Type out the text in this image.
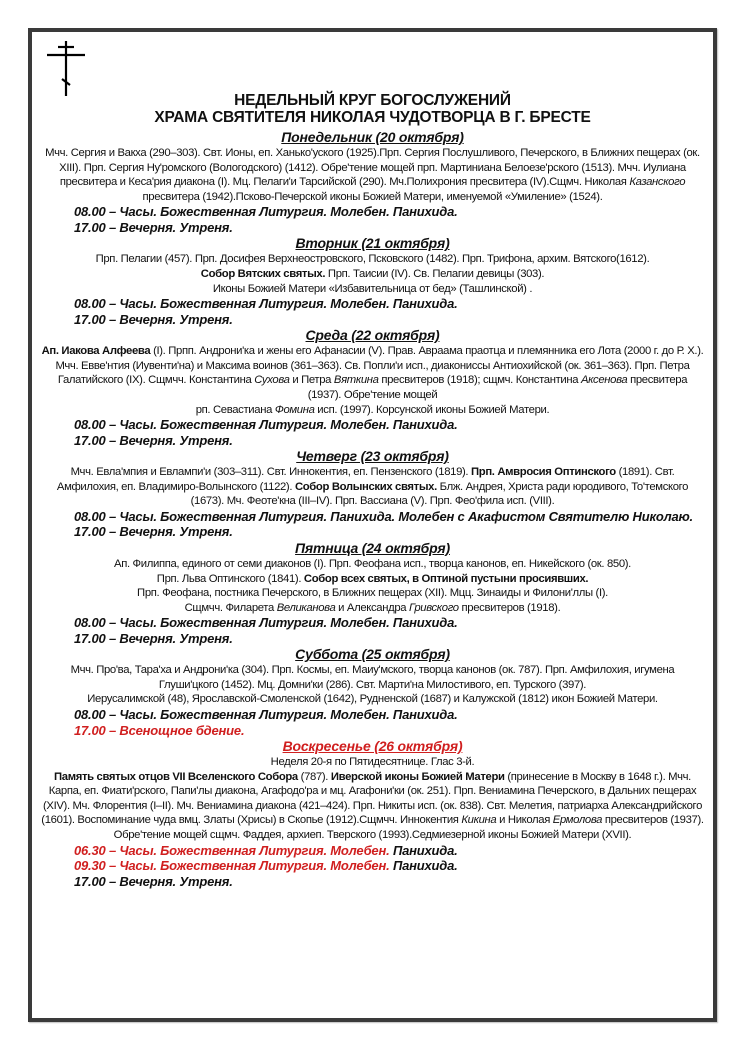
НЕДЕЛЬНЫЙ КРУГ БОГОСЛУЖЕНИЙ
ХРАМА СВЯТИТЕЛЯ НИКОЛАЯ ЧУДОТВОРЦА В Г. БРЕСТЕ
Понедельник (20 октября)
Мчч. Сергия и Вакха (290–303). Свт. Ионы, еп. Ханько'уского (1925).Прп. Сергия Послушливого, Печерского, в Ближних пещерах (ок. XIII). Прп. Сергия Ну'ромского (Вологодского) (1412). Обре'тение мощей прп. Мартиниана Белоезе'рского (1513). Мчч. Иулиана пресвитера и Кеса'рия диакона (I). Мц. Пелаги'и Тарсийской (290). Мч.Полихрония пресвитера (IV).Сщмч. Николая Казанского пресвитера (1942).Псково-Печерской иконы Божией Матери, именуемой «Умиление» (1524).
08.00 – Часы. Божественная Литургия. Молебен. Панихида.
17.00 – Вечерня. Утреня.
Вторник (21 октября)
Прп. Пелагии (457). Прп. Досифея Верхнеостровского, Псковского (1482). Прп. Трифона, архим. Вятского(1612).
Собор Вятских святых. Прп. Таисии (IV). Св. Пелагии девицы (303).
Иконы Божией Матери «Избавительница от бед» (Ташлинской) .
08.00 – Часы. Божественная Литургия. Молебен. Панихида.
17.00 – Вечерня. Утреня.
Среда (22 октября)
Ап. Иакова Алфеева (I). Прпп. Андрони'ка и жены его Афанасии (V). Прав. Авраама праотца и племянника его Лота (2000 г. до Р. Х.). Мчч. Евве'нтия (Иувенти'на) и Максима воинов (361–363). Св. Попли'и исп., диакониссы Антиохийской (ок. 361–363). Прп. Петра Галатийского (IX). Сщмчч. Константина Сухова и Петра Вяткина пресвитеров (1918); сщмч. Константина Аксенова пресвитера (1937). Обре'тение мощей
рп. Севастиана Фомина исп. (1997). Корсунской иконы Божией Матери.
08.00 – Часы. Божественная Литургия. Молебен. Панихида.
17.00 – Вечерня. Утреня.
Четверг (23 октября)
Мчч. Евла'мпия и Евлампи'и (303–311). Свт. Иннокентия, еп. Пензенского (1819). Прп. Амвросия Оптинского (1891). Свт. Амфилохия, еп. Владимиро-Волынского (1122). Собор Волынских святых. Блж. Андрея, Христа ради юродивого, То'темского (1673). Мч. Феоте'кна (III–IV). Прп. Вассиана (V). Прп. Фео'фила исп. (VIII).
08.00 – Часы. Божественная Литургия. Панихида. Молебен с Акафистом Святителю Николаю.
17.00 – Вечерня. Утреня.
Пятница (24 октября)
Ап. Филиппа, единого от семи диаконов (I). Прп. Феофана исп., творца канонов, еп. Никейского (ок. 850).
Прп. Льва Оптинского (1841). Собор всех святых, в Оптиной пустыни просиявших.
Прп. Феофана, постника Печерского, в Ближних пещерах (XII). Мцц. Зинаиды и Филони'ллы (I).
Сщмчч. Филарета Великанова и Александра Гривского пресвитеров (1918).
08.00 – Часы. Божественная Литургия. Молебен. Панихида.
17.00 – Вечерня. Утреня.
Суббота (25 октября)
Мчч. Про'ва, Тара'ха и Андрони'ка (304). Прп. Космы, еп. Маиу'мского, творца канонов (ок. 787). Прп. Амфилохия, игумена Глуши'цкого (1452). Мц. Домни'ки (286). Свт. Марти'на Милостивого, еп. Турского (397).
Иерусалимской (48), Ярославской-Смоленской (1642), Рудненской (1687) и Калужской (1812) икон Божией Матери.
08.00 – Часы. Божественная Литургия. Молебен. Панихида.
17.00 – Всенощное бдение.
Воскресенье (26 октября)
Неделя 20-я по Пятидесятнице. Глас 3-й.
Память святых отцов VII Вселенского Собора (787). Иверской иконы Божией Матери (принесение в Москву в 1648 г.). Мчч. Карпа, еп. Фиати'рского, Папи'лы диакона, Агафодо'ра и мц. Агафони'ки (ок. 251). Прп. Вениамина Печерского, в Дальних пещерах (XIV). Мч. Флорентия (I–II). Мч. Вениамина диакона (421–424). Прп. Никиты исп. (ок. 838). Свт. Мелетия, патриарха Александрийского (1601). Воспоминание чуда вмц. Златы (Хрисы) в Скопье (1912).Сщмчч. Иннокентия Кикина и Николая Ермолова пресвитеров (1937). Обре'тение мощей сщмч. Фаддея, архиеп. Тверского (1993).Седмиезерной иконы Божией Матери (XVII).
06.30 – Часы. Божественная Литургия. Молебен. Панихида.
09.30 – Часы. Божественная Литургия. Молебен. Панихида.
17.00 – Вечерня. Утреня.
